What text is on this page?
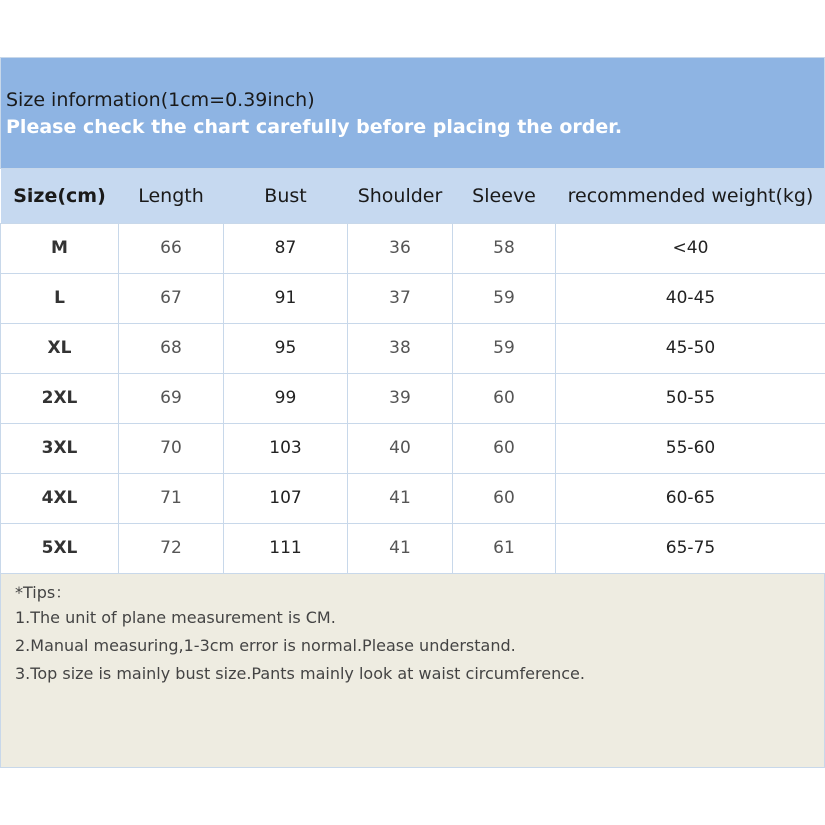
Size information(1cm=0.39inch)
Please check the chart carefully before placing the order.
Size(cm)	Length	Bust	Shoulder	Sleeve	recommended weight(kg)
M	66	87	36	58	<40
L	67	91	37	59	40-45
XL	68	95	38	59	45-50
2XL	69	99	39	60	50-55
3XL	70	103	40	60	55-60
4XL	71	107	41	60	60-65
5XL	72	111	41	61	65-75
*Tips：
1.The unit of plane measurement is CM.
2.Manual measuring,1-3cm error is normal.Please understand.
3.Top size is mainly bust size.Pants mainly look at waist circumference.
